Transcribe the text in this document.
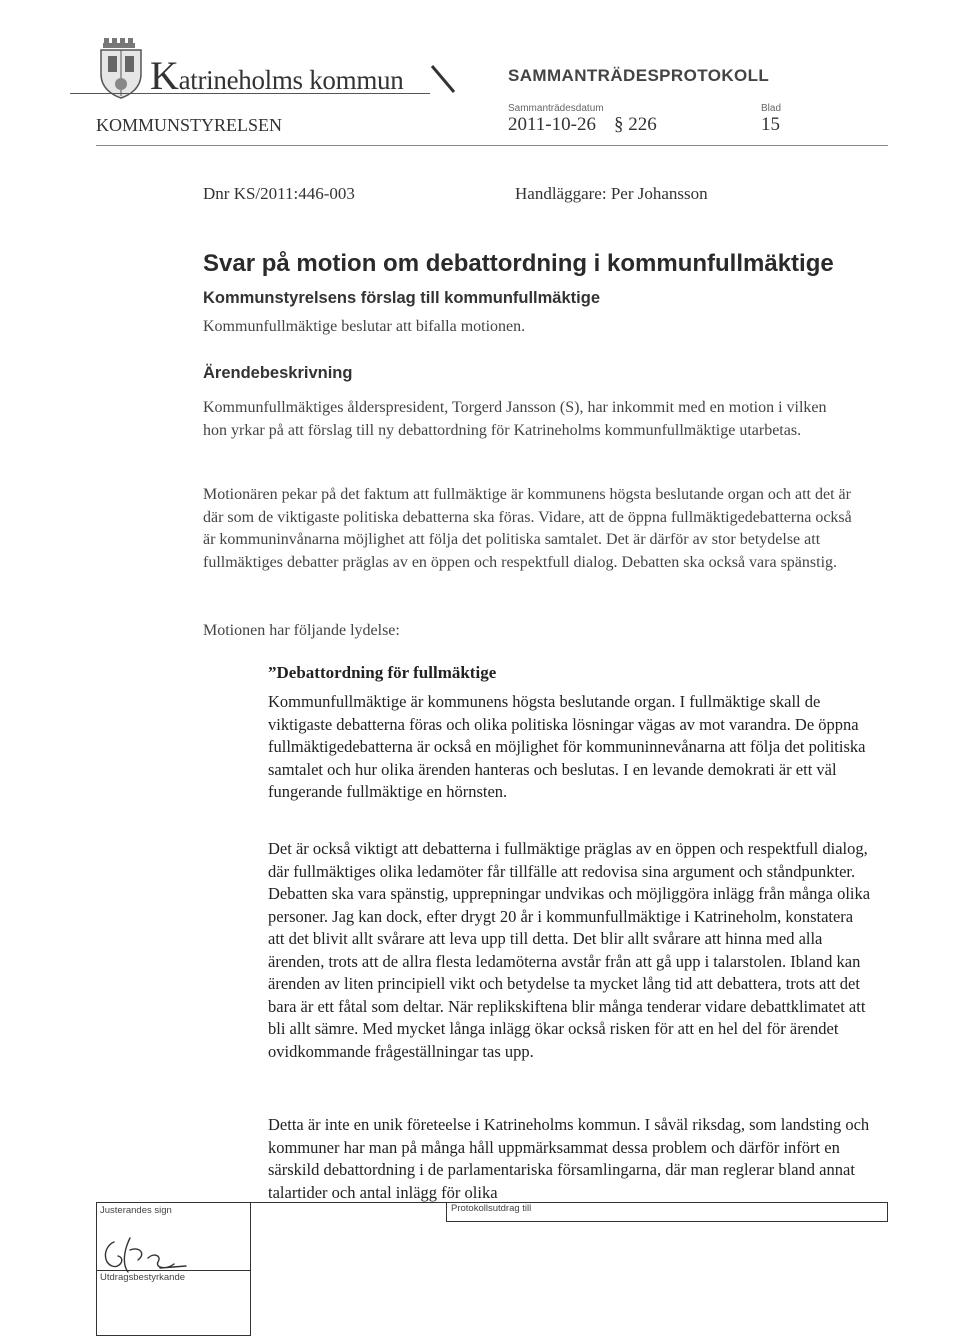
Katrineholms kommun	SAMMANTRÄDESPROTOKOLL
KOMMUNSTYRELSEN
Sammanträdesdatum
2011-10-26 § 226
Blad
15
Dnr KS/2011:446-003	Handläggare: Per Johansson
Svar på motion om debattordning i kommunfullmäktige
Kommunstyrelsens förslag till kommunfullmäktige
Kommunfullmäktige beslutar att bifalla motionen.
Ärendebeskrivning
Kommunfullmäktiges ålderspresident, Torgerd Jansson (S), har inkommit med en motion i vilken hon yrkar på att förslag till ny debattordning för Katrineholms kommunfullmäktige utarbetas.
Motionären pekar på det faktum att fullmäktige är kommunens högsta beslutande organ och att det är där som de viktigaste politiska debatterna ska föras. Vidare, att de öppna fullmäktigedebatterna också är kommuninvånarna möjlighet att följa det politiska samtalet. Det är därför av stor betydelse att fullmäktiges debatter präglas av en öppen och respektfull dialog. Debatten ska också vara spänstig.
Motionen har följande lydelse:
”Debattordning för fullmäktige
Kommunfullmäktige är kommunens högsta beslutande organ. I fullmäktige skall de viktigaste debatterna föras och olika politiska lösningar vägas av mot varandra. De öppna fullmäktigedebatterna är också en möjlighet för kommuninnevånarna att följa det politiska samtalet och hur olika ärenden hanteras och beslutas. I en levande demokrati är ett väl fungerande fullmäktige en hörnsten.
Det är också viktigt att debatterna i fullmäktige präglas av en öppen och respektfull dialog, där fullmäktiges olika ledamöter får tillfälle att redovisa sina argument och ståndpunkter. Debatten ska vara spänstig, upprepningar undvikas och möjliggöra inlägg från många olika personer. Jag kan dock, efter drygt 20 år i kommunfullmäktige i Katrineholm, konstatera att det blivit allt svårare att leva upp till detta. Det blir allt svårare att hinna med alla ärenden, trots att de allra flesta ledamöterna avstår från att gå upp i talarstolen. Ibland kan ärenden av liten principiell vikt och betydelse ta mycket lång tid att debattera, trots att det bara är ett fåtal som deltar. När replikskiftena blir många tenderar vidare debattklimatet att bli allt sämre. Med mycket långa inlägg ökar också risken för att en hel del för ärendet ovidkommande frågeställningar tas upp.
Detta är inte en unik företeelse i Katrineholms kommun. I såväl riksdag, som landsting och kommuner har man på många håll uppmärksammat dessa problem och därför infört en särskild debattordning i de parlamentariska församlingarna, där man reglerar bland annat talartider och antal inlägg för olika
Justerandes sign	Protokollsutdrag till
Utdragsbestyrkande
